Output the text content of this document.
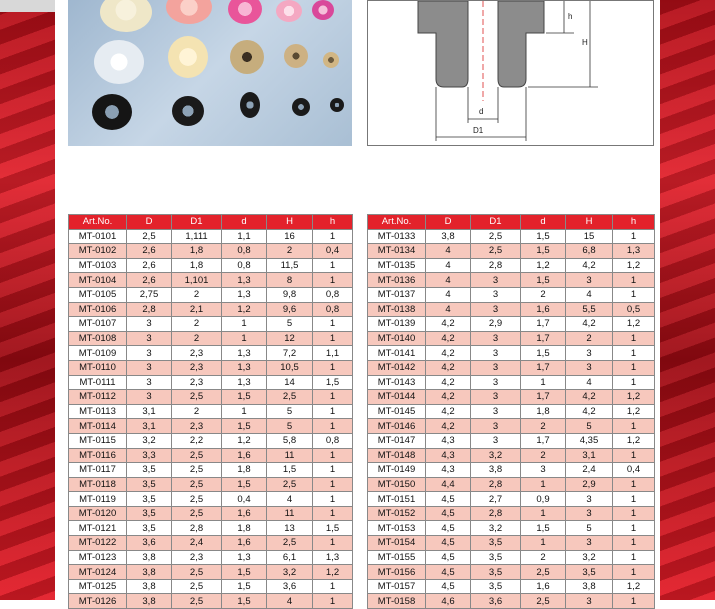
h
H
d
D1
Art.No.	D	D1	d	H	h
MT-0101	2,5	1,111	1,1	16	1
MT-0102	2,6	1,8	0,8	2	0,4
MT-0103	2,6	1,8	0,8	11,5	1
MT-0104	2,6	1,101	1,3	8	1
MT-0105	2,75	2	1,3	9,8	0,8
MT-0106	2,8	2,1	1,2	9,6	0,8
MT-0107	3	2	1	5	1
MT-0108	3	2	1	12	1
MT-0109	3	2,3	1,3	7,2	1,1
MT-0110	3	2,3	1,3	10,5	1
MT-0111	3	2,3	1,3	14	1,5
MT-0112	3	2,5	1,5	2,5	1
MT-0113	3,1	2	1	5	1
MT-0114	3,1	2,3	1,5	5	1
MT-0115	3,2	2,2	1,2	5,8	0,8
MT-0116	3,3	2,5	1,6	11	1
MT-0117	3,5	2,5	1,8	1,5	1
MT-0118	3,5	2,5	1,5	2,5	1
MT-0119	3,5	2,5	0,4	4	1
MT-0120	3,5	2,5	1,6	11	1
MT-0121	3,5	2,8	1,8	13	1,5
MT-0122	3,6	2,4	1,6	2,5	1
MT-0123	3,8	2,3	1,3	6,1	1,3
MT-0124	3,8	2,5	1,5	3,2	1,2
MT-0125	3,8	2,5	1,5	3,6	1
MT-0126	3,8	2,5	1,5	4	1
Art.No.	D	D1	d	H	h
MT-0133	3,8	2,5	1,5	15	1
MT-0134	4	2,5	1,5	6,8	1,3
MT-0135	4	2,8	1,2	4,2	1,2
MT-0136	4	3	1,5	3	1
MT-0137	4	3	2	4	1
MT-0138	4	3	1,6	5,5	0,5
MT-0139	4,2	2,9	1,7	4,2	1,2
MT-0140	4,2	3	1,7	2	1
MT-0141	4,2	3	1,5	3	1
MT-0142	4,2	3	1,7	3	1
MT-0143	4,2	3	1	4	1
MT-0144	4,2	3	1,7	4,2	1,2
MT-0145	4,2	3	1,8	4,2	1,2
MT-0146	4,2	3	2	5	1
MT-0147	4,3	3	1,7	4,35	1,2
MT-0148	4,3	3,2	2	3,1	1
MT-0149	4,3	3,8	3	2,4	0,4
MT-0150	4,4	2,8	1	2,9	1
MT-0151	4,5	2,7	0,9	3	1
MT-0152	4,5	2,8	1	3	1
MT-0153	4,5	3,2	1,5	5	1
MT-0154	4,5	3,5	1	3	1
MT-0155	4,5	3,5	2	3,2	1
MT-0156	4,5	3,5	2,5	3,5	1
MT-0157	4,5	3,5	1,6	3,8	1,2
MT-0158	4,6	3,6	2,5	3	1
